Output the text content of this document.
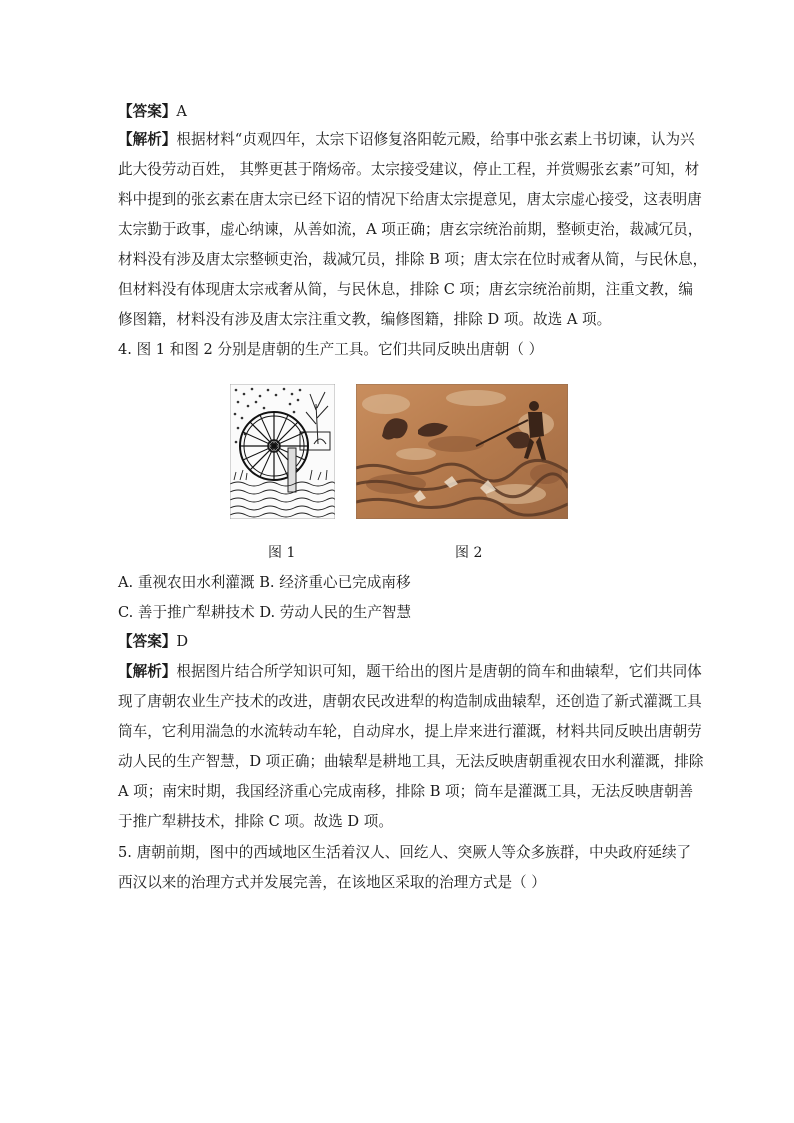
【答案】A
【解析】根据材料“贞观四年，太宗下诏修复洛阳乾元殿，给事中张玄素上书切谏，认为兴
此大役劳动百姓， 其弊更甚于隋炀帝。太宗接受建议，停止工程，并赏赐张玄素”可知，材
料中提到的张玄素在唐太宗已经下诏的情况下给唐太宗提意见，唐太宗虚心接受，这表明唐
太宗勤于政事，虚心纳谏，从善如流，A 项正确；唐玄宗统治前期，整顿吏治，裁减冗员，
材料没有涉及唐太宗整顿吏治，裁减冗员，排除 B 项；唐太宗在位时戒奢从简，与民休息，
但材料没有体现唐太宗戒奢从简，与民休息，排除 C 项；唐玄宗统治前期，注重文教，编
修图籍，材料没有涉及唐太宗注重文教，编修图籍，排除 D 项。故选 A 项。
4. 图 1 和图 2 分别是唐朝的生产工具。它们共同反映出唐朝（ ）
图 1	图 2
A. 重视农田水利灌溉 B. 经济重心已完成南移
C. 善于推广犁耕技术 D. 劳动人民的生产智慧
【答案】D
【解析】根据图片结合所学知识可知，题干给出的图片是唐朝的筒车和曲辕犁，它们共同体
现了唐朝农业生产技术的改进，唐朝农民改进犁的构造制成曲辕犁，还创造了新式灌溉工具
筒车，它利用湍急的水流转动车轮，自动戽水，提上岸来进行灌溉，材料共同反映出唐朝劳
动人民的生产智慧，D 项正确；曲辕犁是耕地工具，无法反映唐朝重视农田水利灌溉，排除
A 项；南宋时期，我国经济重心完成南移，排除 B 项；筒车是灌溉工具，无法反映唐朝善
于推广犁耕技术，排除 C 项。故选 D 项。
5. 唐朝前期，图中的西域地区生活着汉人、回纥人、突厥人等众多族群，中央政府延续了
西汉以来的治理方式并发展完善，在该地区采取的治理方式是（ ）
